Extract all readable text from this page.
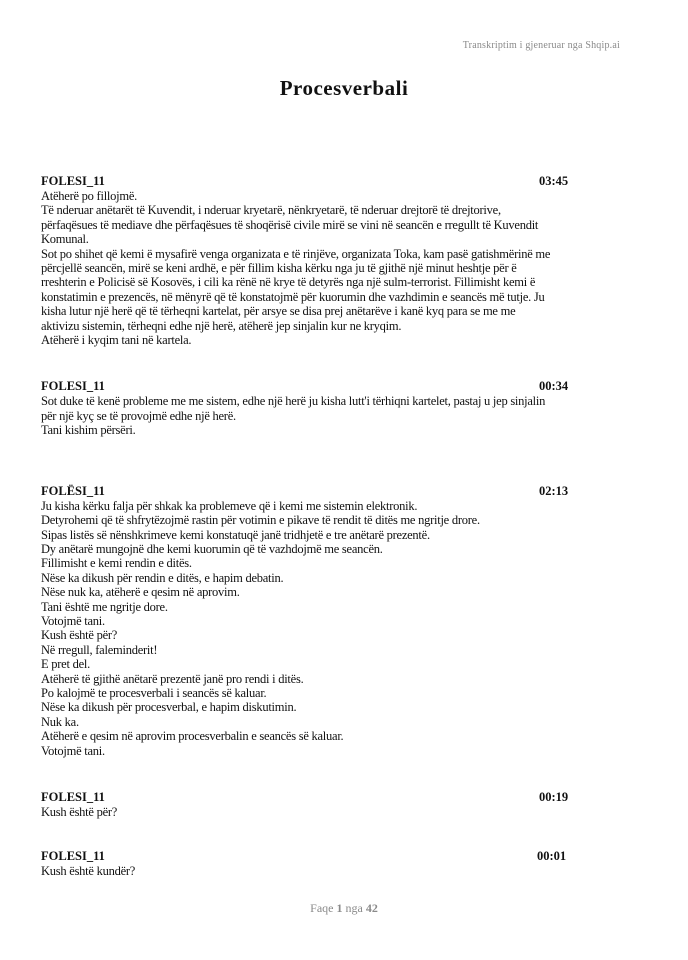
Transkriptim i gjeneruar nga Shqip.ai
Procesverbali
FOLESI_11	03:45
Atëherë po fillojmë.
Të nderuar anëtarët të Kuvendit, i nderuar kryetarë, nënkryetarë, të nderuar drejtorë të drejtorive,
përfaqësues të mediave dhe përfaqësues të shoqërisë civile mirë se vini në seancën e rregullt të Kuvendit
Komunal.
Sot po shihet që kemi ë mysafirë venga organizata e të rinjëve, organizata Toka, kam pasë gatishmërinë me
përcjellë seancën, mirë se keni ardhë, e për fillim kisha kërku nga ju të gjithë një minut heshtje për ë
rreshterin e Policisë së Kosovës, i cili ka rënë në krye të detyrës nga një sulm-terrorist. Fillimisht kemi ë
konstatimin e prezencës, në mënyrë që të konstatojmë për kuorumin dhe vazhdimin e seancës më tutje. Ju
kisha lutur një herë që të tërheqni kartelat, për arsye se disa prej anëtarëve i kanë kyq para se me me
aktivizu sistemin, tërheqni edhe një herë, atëherë jep sinjalin kur ne kryqim.
Atëherë i kyqim tani në kartela.
FOLESI_11	00:34
Sot duke të kenë probleme me me sistem, edhe një herë ju kisha lutt'i tërhiqni kartelet, pastaj u jep sinjalin
për një kyç se të provojmë edhe një herë.
Tani kishim përsëri.
FOLËSI_11	02:13
Ju kisha kërku falja për shkak ka problemeve që i kemi me sistemin elektronik.
Detyrohemi që të shfrytëzojmë rastin për votimin e pikave të rendit të ditës me ngritje drore.
Sipas listës së nënshkrimeve kemi konstatuqë janë tridhjetë e tre anëtarë prezentë.
Dy anëtarë mungojnë dhe kemi kuorumin që të vazhdojmë me seancën.
Fillimisht e kemi rendin e ditës.
Nëse ka dikush për rendin e ditës, e hapim debatin.
Nëse nuk ka, atëherë e qesim në aprovim.
Tani është me ngritje dore.
Votojmë tani.
Kush është për?
Në rregull, faleminderit!
E pret del.
Atëherë të gjithë anëtarë prezentë janë pro rendi i ditës.
Po kalojmë te procesverbali i seancës së kaluar.
Nëse ka dikush për procesverbal, e hapim diskutimin.
Nuk ka.
Atëherë e qesim në aprovim procesverbalin e seancës së kaluar.
Votojmë tani.
FOLESI_11	00:19
Kush është për?
FOLESI_11	00:01
Kush është kundër?
Faqe 1 nga 42
